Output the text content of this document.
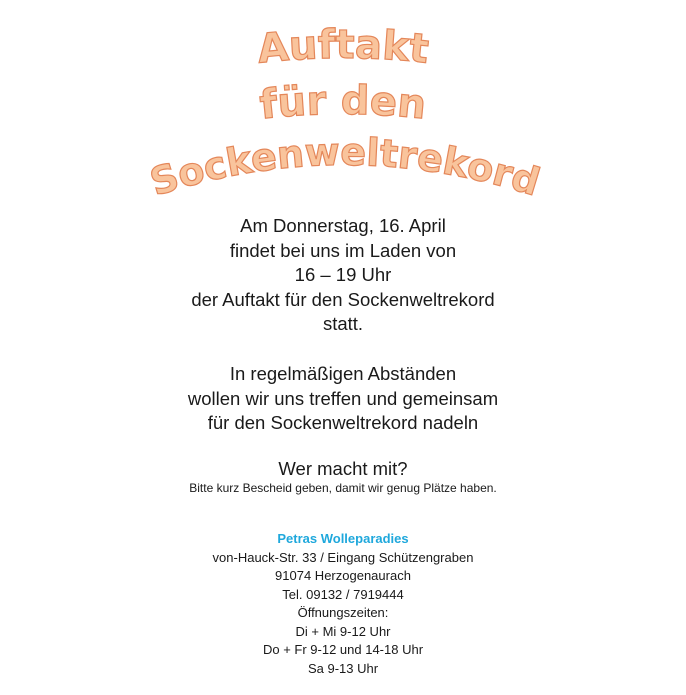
Auftakt
für den
Sockenweltrekord
Am Donnerstag, 16. April
findet bei uns im Laden von
16 – 19 Uhr
der Auftakt für den Sockenweltrekord
statt.
In regelmäßigen Abständen
wollen wir uns treffen und gemeinsam
für den Sockenweltrekord nadeln
Wer macht mit?
Bitte kurz Bescheid geben, damit wir genug Plätze haben.
Petras Wolleparadies
von-Hauck-Str. 33 / Eingang Schützengraben
91074 Herzogenaurach
Tel. 09132 / 7919444
Öffnungszeiten:
Di + Mi 9-12 Uhr
Do + Fr 9-12 und 14-18 Uhr
Sa 9-13 Uhr
